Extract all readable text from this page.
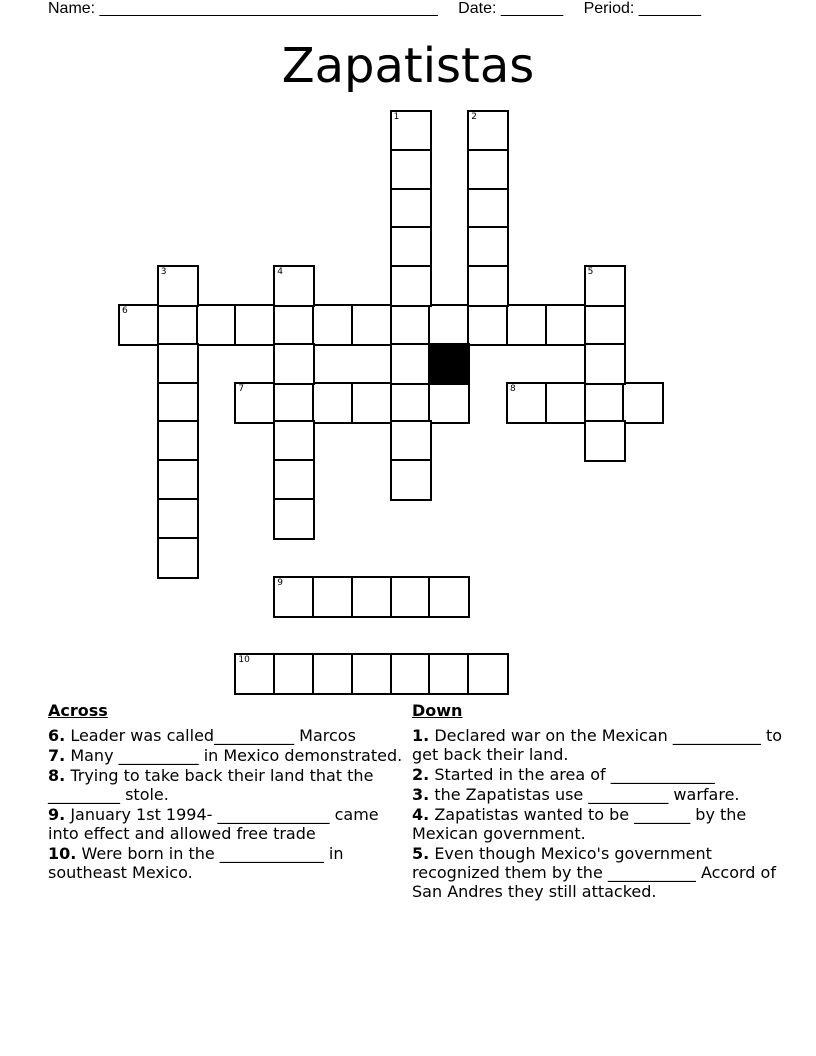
Name: ______________________________________ Date: _______ Period: _______
Zapatistas
6
7	8
9
10
1	2
3	4	5
Across
6. Leader was called__________ Marcos
7. Many __________ in Mexico demonstrated.
8. Trying to take back their land that the _________ stole.
9. January 1st 1994- ______________ came into effect and allowed free trade
10. Were born in the _____________ in southeast Mexico.
Down
1. Declared war on the Mexican ___________ to get back their land.
2. Started in the area of _____________
3. the Zapatistas use __________ warfare.
4. Zapatistas wanted to be _______ by the Mexican government.
5. Even though Mexico's government recognized them by the ___________ Accord of San Andres they still attacked.
